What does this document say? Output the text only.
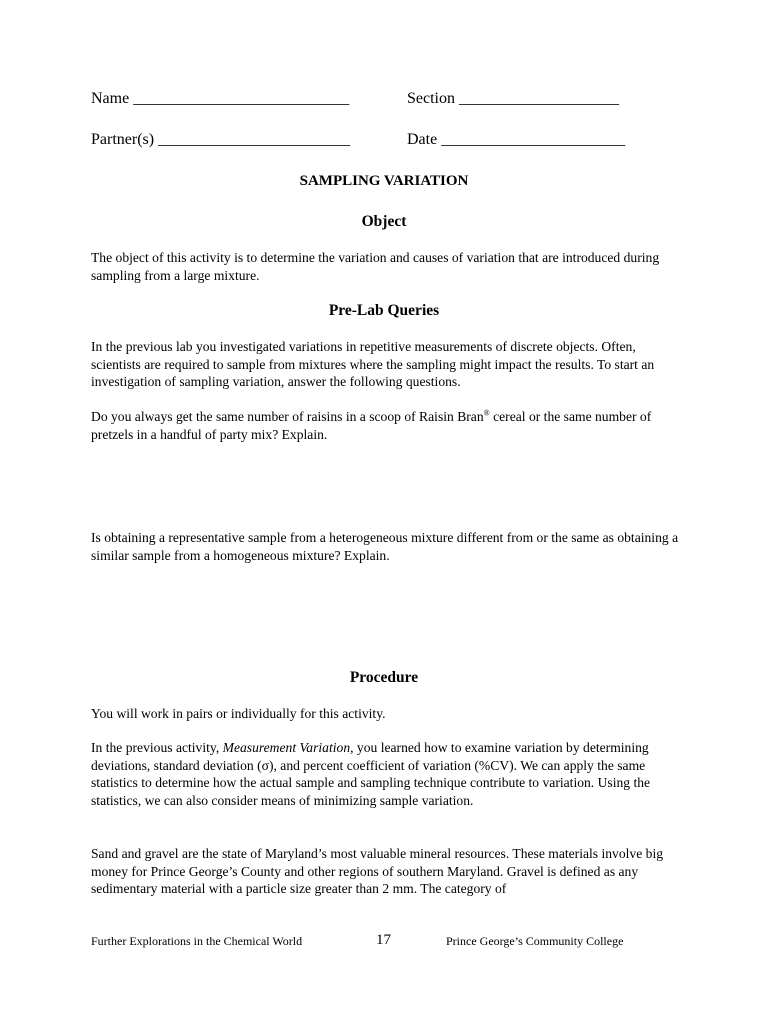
Name ___________________________	Section ____________________
Partner(s) ________________________	Date _______________________
SAMPLING VARIATION
Object

The object of this activity is to determine the variation and causes of variation that are introduced during sampling from a large mixture.

Pre-Lab Queries

In the previous lab you investigated variations in repetitive measurements of discrete objects. Often, scientists are required to sample from mixtures where the sampling might impact the results. To start an investigation of sampling variation, answer the following questions.

Do you always get the same number of raisins in a scoop of Raisin Bran® cereal or the same number of pretzels in a handful of party mix? Explain.

Is obtaining a representative sample from a heterogeneous mixture different from or the same as obtaining a similar sample from a homogeneous mixture? Explain.

Procedure

You will work in pairs or individually for this activity.

In the previous activity, Measurement Variation, you learned how to examine variation by determining deviations, standard deviation (σ), and percent coefficient of variation (%CV). We can apply the same statistics to determine how the actual sample and sampling technique contribute to variation. Using the statistics, we can also consider means of minimizing sample variation.

Sand and gravel are the state of Maryland’s most valuable mineral resources. These materials involve big money for Prince George’s County and other regions of southern Maryland. Gravel is defined as any sedimentary material with a particle size greater than 2 mm. The category of

Further Explorations in the Chemical World	17	Prince George’s Community College
